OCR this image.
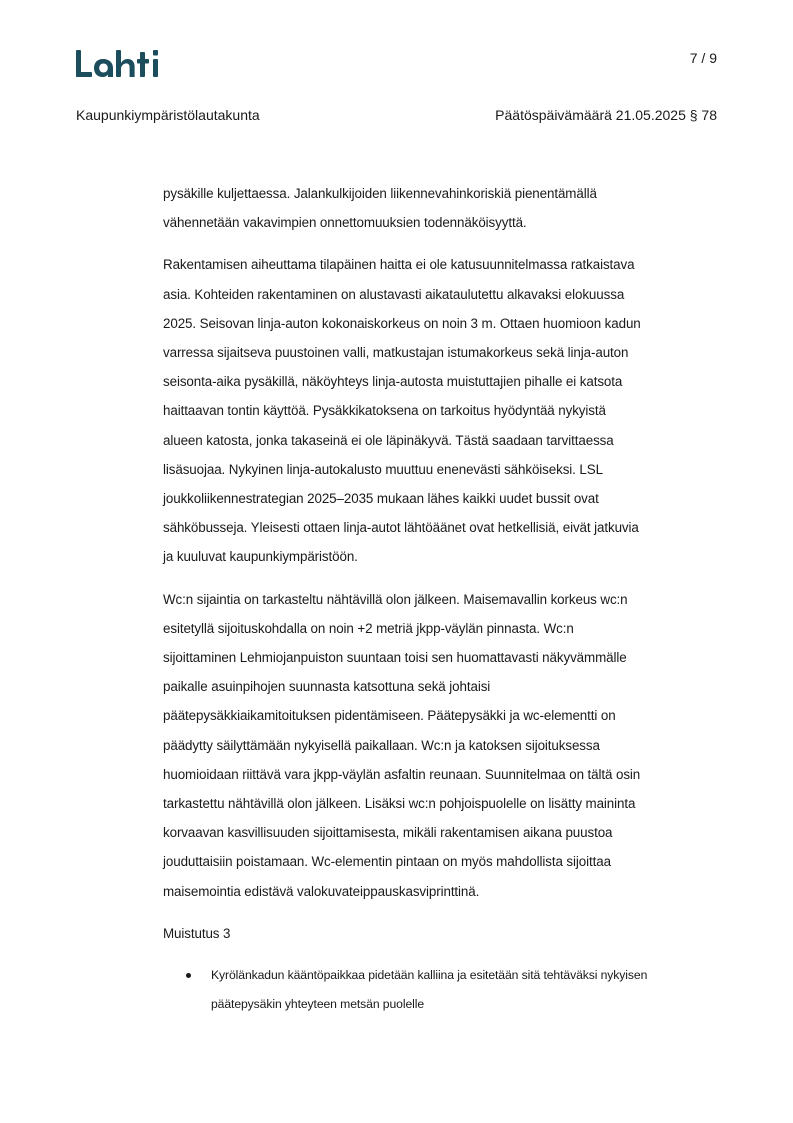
7 / 9
Kaupunkiympäristölautakunta	Päätöspäivämäärä 21.05.2025 § 78

pysäkille kuljettaessa. Jalankulkijoiden liikennevahinkoriskiä pienentämällä
vähennetään vakavimpien onnettomuuksien todennäköisyyttä.

Rakentamisen aiheuttama tilapäinen haitta ei ole katusuunnitelmassa ratkaistava
asia. Kohteiden rakentaminen on alustavasti aikataulutettu alkavaksi elokuussa
2025. Seisovan linja-auton kokonaiskorkeus on noin 3 m. Ottaen huomioon kadun
varressa sijaitseva puustoinen valli, matkustajan istumakorkeus sekä linja-auton
seisonta-aika pysäkillä, näköyhteys linja-autosta muistuttajien pihalle ei katsota
haittaavan tontin käyttöä. Pysäkkikatoksena on tarkoitus hyödyntää nykyistä
alueen katosta, jonka takaseinä ei ole läpinäkyvä. Tästä saadaan tarvittaessa
lisäsuojaa. Nykyinen linja-autokalusto muuttuu enenevästi sähköiseksi. LSL
joukkoliikennestrategian 2025–2035 mukaan lähes kaikki uudet bussit ovat
sähköbusseja. Yleisesti ottaen linja-autot lähtöäänet ovat hetkellisiä, eivät jatkuvia
ja kuuluvat kaupunkiympäristöön.

Wc:n sijaintia on tarkasteltu nähtävillä olon jälkeen. Maisemavallin korkeus wc:n
esitetyllä sijoituskohdalla on noin +2 metriä jkpp-väylän pinnasta. Wc:n
sijoittaminen Lehmiojanpuiston suuntaan toisi sen huomattavasti näkyvämmälle
paikalle asuinpihojen suunnasta katsottuna sekä johtaisi
päätepysäkkiaikamitoituksen pidentämiseen. Päätepysäkki ja wc-elementti on
päädytty säilyttämään nykyisellä paikallaan. Wc:n ja katoksen sijoituksessa
huomioidaan riittävä vara jkpp-väylän asfaltin reunaan. Suunnitelmaa on tältä osin
tarkastettu nähtävillä olon jälkeen. Lisäksi wc:n pohjoispuolelle on lisätty maininta
korvaavan kasvillisuuden sijoittamisesta, mikäli rakentamisen aikana puustoa
jouduttaisiin poistamaan. Wc-elementin pintaan on myös mahdollista sijoittaa
maisemointia edistävä valokuvateippauskasviprinttinä.

Muistutus 3

Kyrölänkadun kääntöpaikkaa pidetään kalliina ja esitetään sitä tehtäväksi nykyisen
päätepysäkin yhteyteen metsän puolelle
